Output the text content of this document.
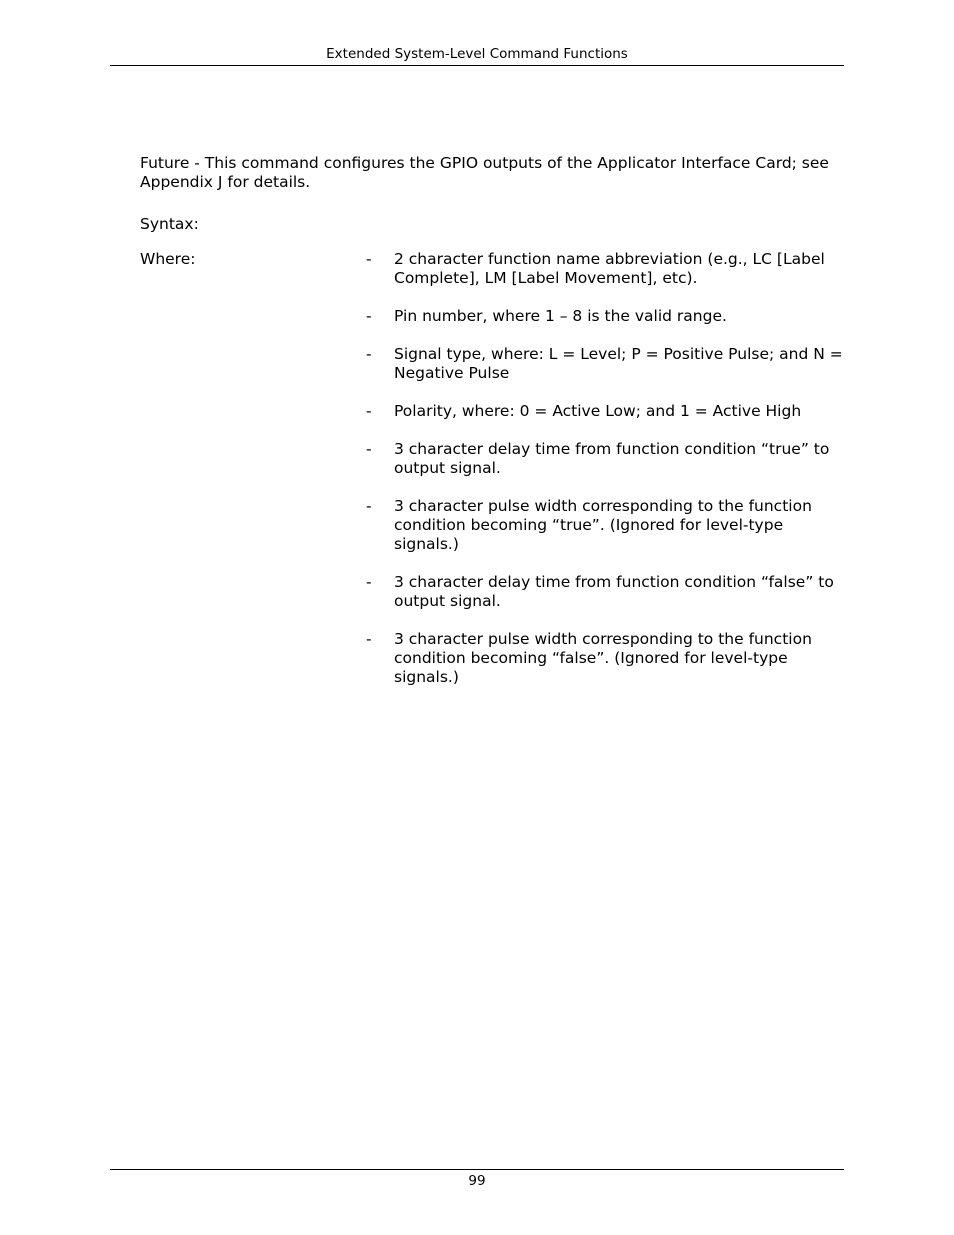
Extended System-Level Command Functions
Future - This command configures the GPIO outputs of the Applicator Interface Card; see Appendix J for details.
Syntax:
Where:	- 2 character function name abbreviation (e.g., LC [Label Complete], LM [Label Movement], etc).
- Pin number, where 1 – 8 is the valid range.
- Signal type, where: L = Level; P = Positive Pulse; and N = Negative Pulse
- Polarity, where: 0 = Active Low; and 1 = Active High
- 3 character delay time from function condition “true” to output signal.
- 3 character pulse width corresponding to the function condition becoming “true”. (Ignored for level-type signals.)
- 3 character delay time from function condition “false” to output signal.
- 3 character pulse width corresponding to the function condition becoming “false”. (Ignored for level-type signals.)
99
